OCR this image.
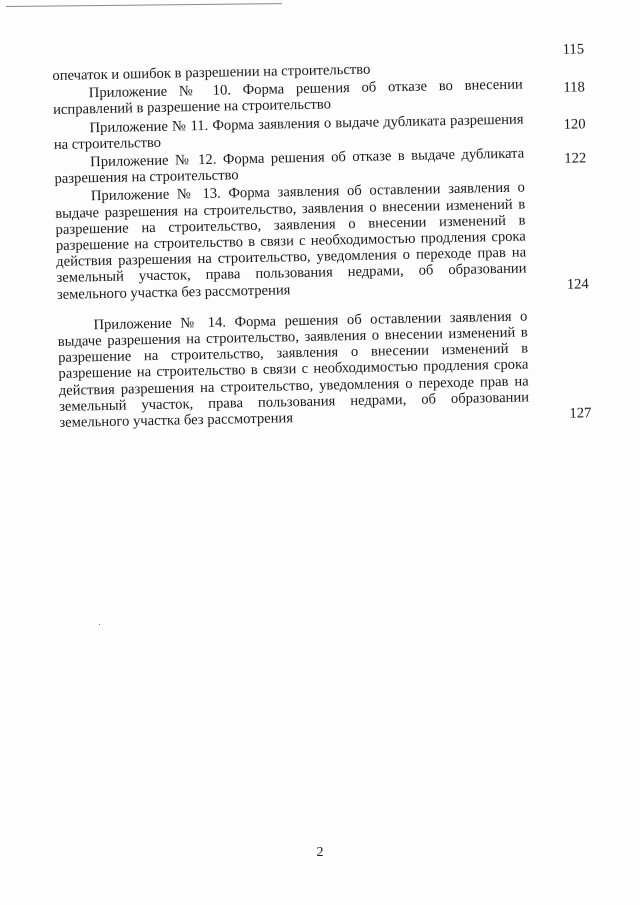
115
опечаток и ошибок в разрешении на строительство
118
Приложение № 10. Форма решения об отказе во внесении исправлений в разрешение на строительство
120
Приложение № 11. Форма заявления о выдаче дубликата разрешения на строительство
122
Приложение № 12. Форма решения об отказе в выдаче дубликата разрешения на строительство
124
Приложение № 13. Форма заявления об оставлении заявления о выдаче разрешения на строительство, заявления о внесении изменений в разрешение на строительство, заявления о внесении изменений в разрешение на строительство в связи с необходимостью продления срока действия разрешения на строительство, уведомления о переходе прав на земельный участок, права пользования недрами, об образовании земельного участка без рассмотрения
127
Приложение № 14. Форма решения об оставлении заявления о выдаче разрешения на строительство, заявления о внесении изменений в разрешение на строительство, заявления о внесении изменений в разрешение на строительство в связи с необходимостью продления срока действия разрешения на строительство, уведомления о переходе прав на земельный участок, права пользования недрами, об образовании земельного участка без рассмотрения
2
